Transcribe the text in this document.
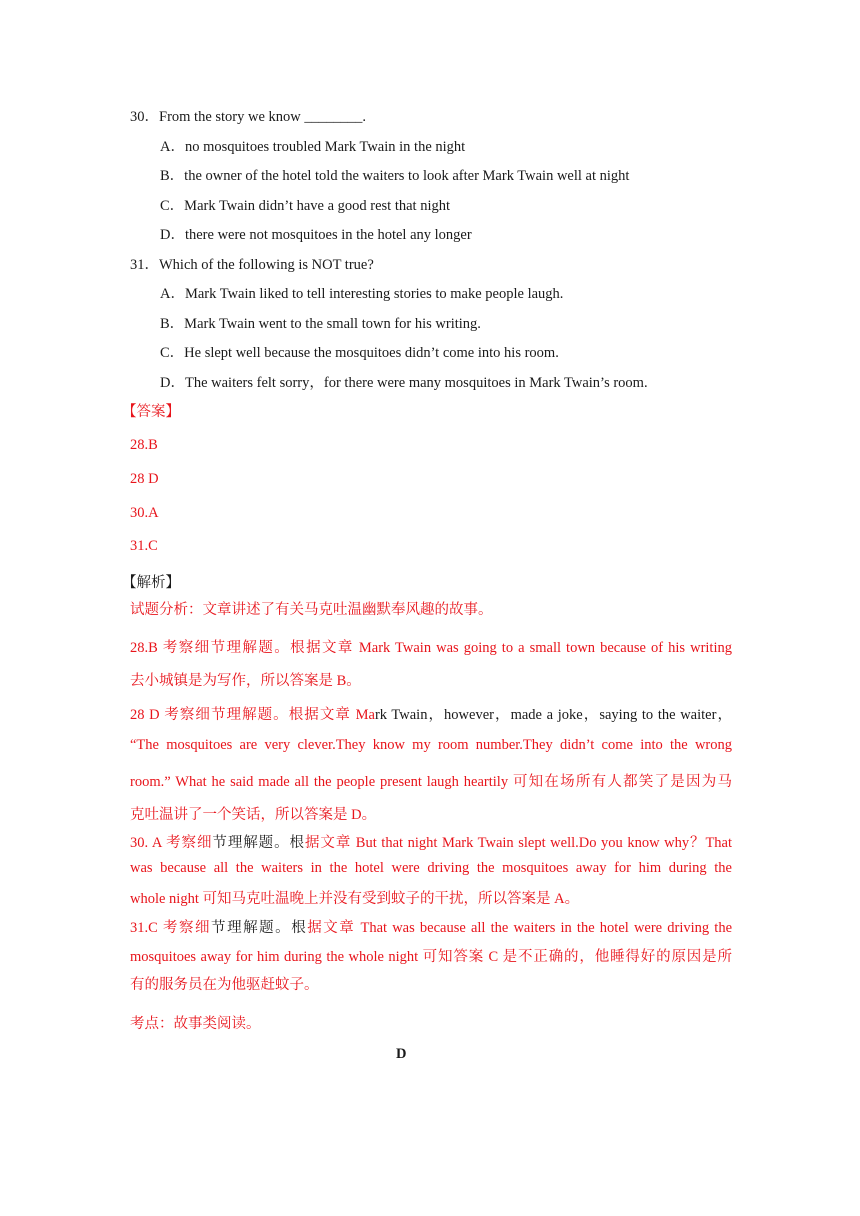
30．From the story we know ________.
A．no mosquitoes troubled Mark Twain in the night
B．the owner of the hotel told the waiters to look after Mark Twain well at night
C．Mark Twain didn’t have a good rest that night
D．there were not mosquitoes in the hotel any longer
31．Which of the following is NOT true?
A．Mark Twain liked to tell interesting stories to make people laugh.
B．Mark Twain went to the small town for his writing.
C．He slept well because the mosquitoes didn’t come into his room.
D．The waiters felt sorry，for there were many mosquitoes in Mark Twain’s room.
【答案】
28.B
28 D
30.A
31.C
【解析】
试题分析：文章讲述了有关马克吐温幽默奉风趣的故事。
28.B 考察细节理解题。根据文章 Mark Twain was going to a small town because of his writing
去小城镇是为写作，所以答案是 B。
28 D 考察细节理解题。根据文章 Mark Twain，however，made a joke，saying to the waiter，
“The mosquitoes are very clever.They know my room number.They didn’t come into the wrong
room.” What he said made all the people present laugh heartily 可知在场所有人都笑了是因为马
克吐温讲了一个笑话，所以答案是 D。
30. A 考察细节理解题。根据文章 But that night Mark Twain slept well.Do you know why？That
was because all the waiters in the hotel were driving the mosquitoes away for him during the
whole night 可知马克吐温晚上并没有受到蚊子的干扰，所以答案是 A。
31.C 考察细节理解题。根据文章 That was because all the waiters in the hotel were driving the
mosquitoes away for him during the whole night 可知答案 C 是不正确的，他睡得好的原因是所
有的服务员在为他驱赶蚊子。
考点：故事类阅读。
D
